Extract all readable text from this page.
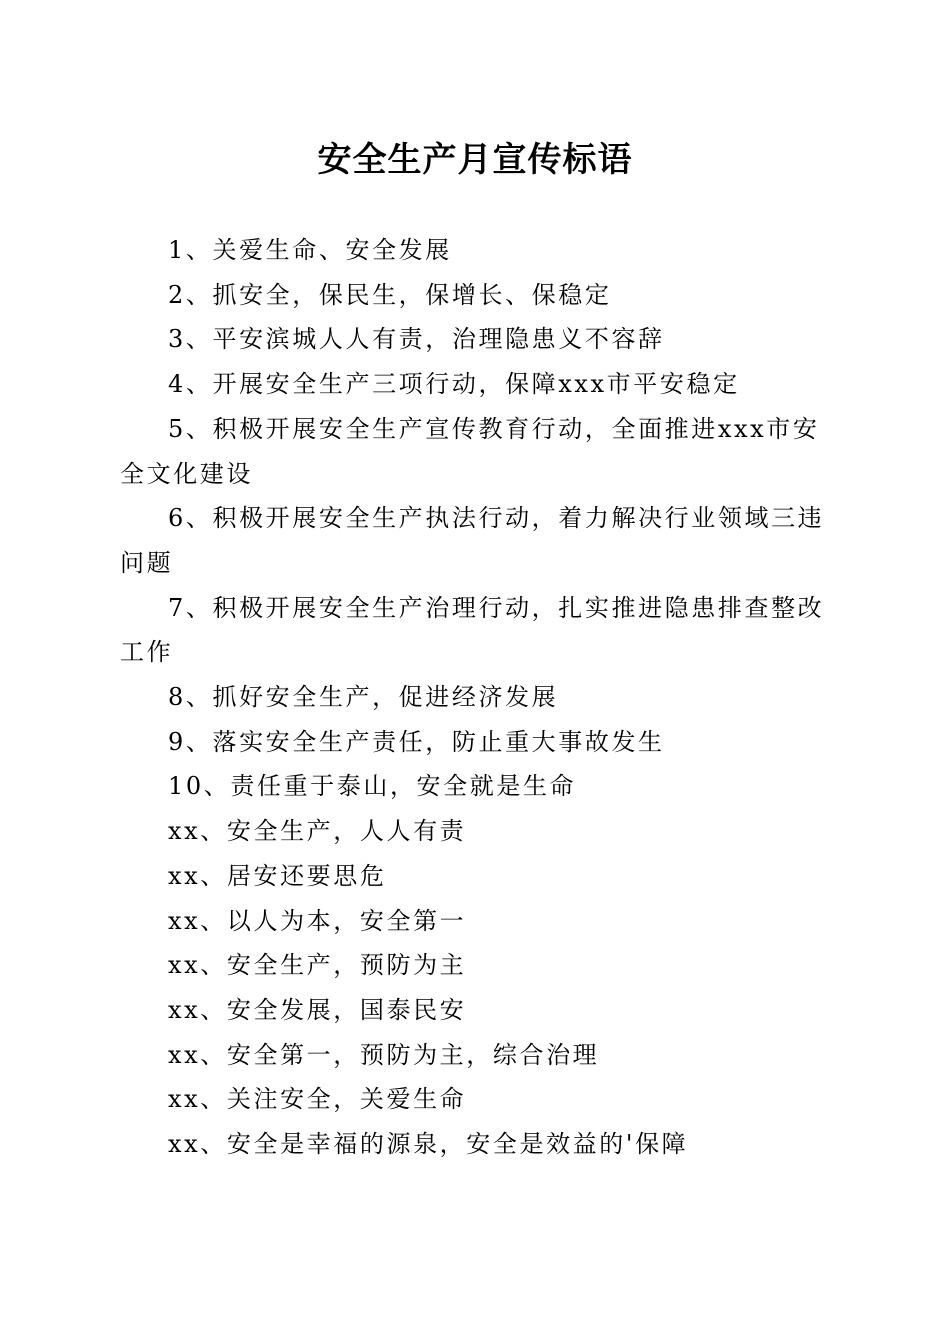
安全生产月宣传标语
1、关爱生命、安全发展
2、抓安全，保民生，保增长、保稳定
3、平安滨城人人有责，治理隐患义不容辞
4、开展安全生产三项行动，保障xxx市平安稳定
5、积极开展安全生产宣传教育行动，全面推进xxx市安全文化建设
6、积极开展安全生产执法行动，着力解决行业领域三违问题
7、积极开展安全生产治理行动，扎实推进隐患排查整改工作
8、抓好安全生产，促进经济发展
9、落实安全生产责任，防止重大事故发生
10、责任重于泰山，安全就是生命
xx、安全生产，人人有责
xx、居安还要思危
xx、以人为本，安全第一
xx、安全生产，预防为主
xx、安全发展，国泰民安
xx、安全第一，预防为主，综合治理
xx、关注安全，关爱生命
xx、安全是幸福的源泉，安全是效益的'保障
